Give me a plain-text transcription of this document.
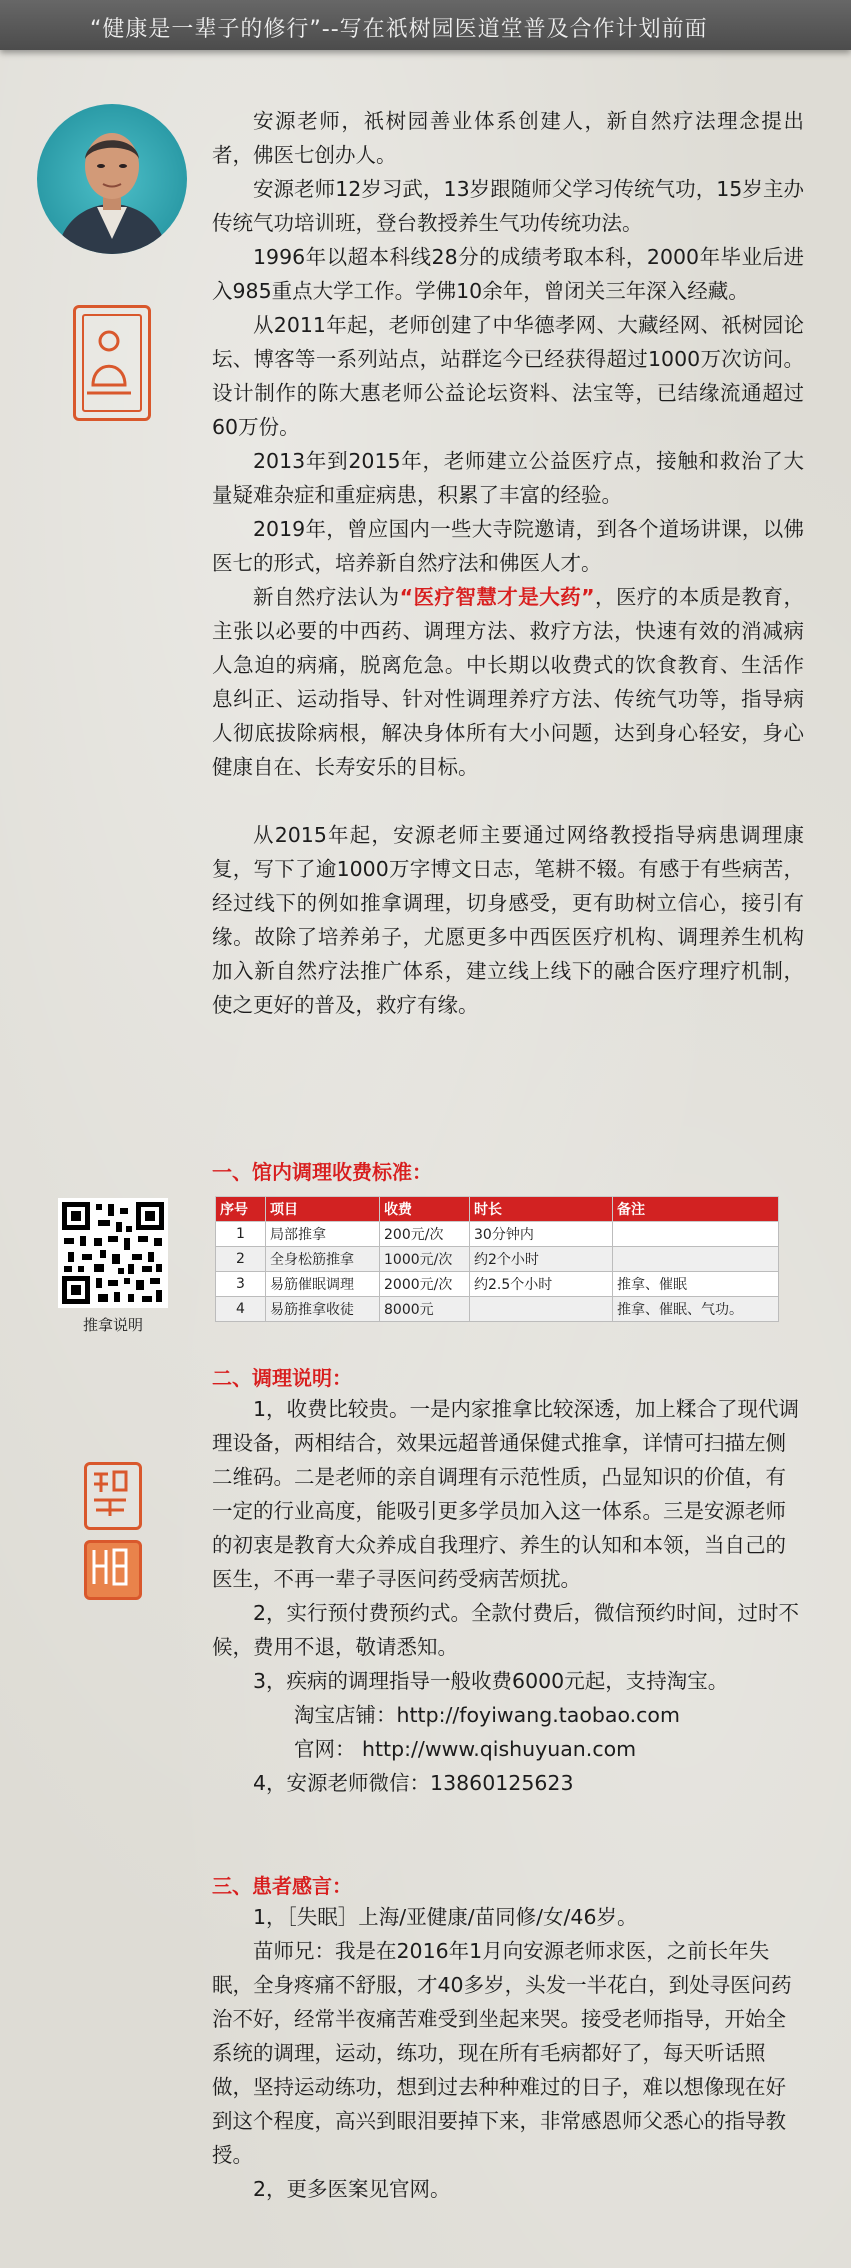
“健康是一辈子的修行”--写在祇树园医道堂普及合作计划前面

安源老师，祇树园善业体系创建人，新自然疗法理念提出者，佛医七创办人。

安源老师12岁习武，13岁跟随师父学习传统气功，15岁主办传统气功培训班，登台教授养生气功传统功法。

1996年以超本科线28分的成绩考取本科，2000年毕业后进入985重点大学工作。学佛10余年，曾闭关三年深入经藏。

从2011年起，老师创建了中华德孝网、大藏经网、祇树园论坛、博客等一系列站点，站群迄今已经获得超过1000万次访问。设计制作的陈大惠老师公益论坛资料、法宝等，已结缘流通超过60万份。

2013年到2015年，老师建立公益医疗点，接触和救治了大量疑难杂症和重症病患，积累了丰富的经验。

2019年，曾应国内一些大寺院邀请，到各个道场讲课，以佛医七的形式，培养新自然疗法和佛医人才。

新自然疗法认为“医疗智慧才是大药”，医疗的本质是教育，主张以必要的中西药、调理方法、救疗方法，快速有效的消减病人急迫的病痛，脱离危急。中长期以收费式的饮食教育、生活作息纠正、运动指导、针对性调理养疗方法、传统气功等，指导病人彻底拔除病根，解决身体所有大小问题，达到身心轻安，身心健康自在、长寿安乐的目标。

从2015年起，安源老师主要通过网络教授指导病患调理康复，写下了逾1000万字博文日志，笔耕不辍。有感于有些病苦，经过线下的例如推拿调理，切身感受，更有助树立信心，接引有缘。故除了培养弟子，尤愿更多中西医医疗机构、调理养生机构加入新自然疗法推广体系，建立线上线下的融合医疗理疗机制，使之更好的普及，救疗有缘。

一、馆内调理收费标准：
推拿说明
序号	项目	收费	时长	备注
1	局部推拿	200元/次	30分钟内	
2	全身松筋推拿	1000元/次	约2个小时	
3	易筋催眠调理	2000元/次	约2.5个小时	推拿、催眠
4	易筋推拿收徒	8000元		推拿、催眠、气功。
二、调理说明：

1，收费比较贵。一是内家推拿比较深透，加上糅合了现代调理设备，两相结合，效果远超普通保健式推拿，详情可扫描左侧二维码。二是老师的亲自调理有示范性质，凸显知识的价值，有一定的行业高度，能吸引更多学员加入这一体系。三是安源老师的初衷是教育大众养成自我理疗、养生的认知和本领，当自己的医生，不再一辈子寻医问药受病苦烦扰。

2，实行预付费预约式。全款付费后，微信预约时间，过时不候，费用不退，敬请悉知。

3，疾病的调理指导一般收费6000元起，支持淘宝。

淘宝店铺：http://foyiwang.taobao.com

官网： http://www.qishuyuan.com

4，安源老师微信：13860125623

三、患者感言：

1，［失眠］上海/亚健康/苗同修/女/46岁。

苗师兄：我是在2016年1月向安源老师求医，之前长年失眠，全身疼痛不舒服，才40多岁，头发一半花白，到处寻医问药治不好，经常半夜痛苦难受到坐起来哭。接受老师指导，开始全系统的调理，运动，练功，现在所有毛病都好了，每天听话照做，坚持运动练功，想到过去种种难过的日子，难以想像现在好到这个程度，高兴到眼泪要掉下来，非常感恩师父悉心的指导教授。

2，更多医案见官网。
